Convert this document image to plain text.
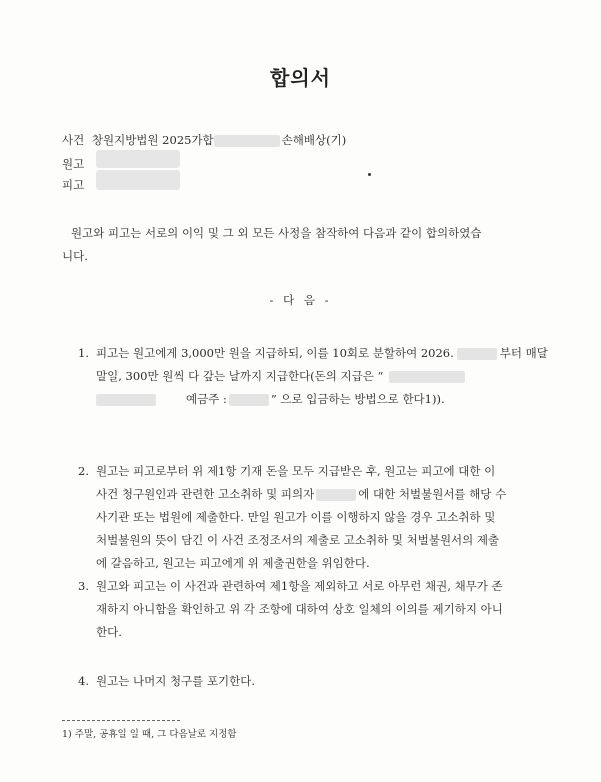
합의서
사건 창원지방법원 2025가합	손해배상(기)
원고
피고
원고와 피고는 서로의 이익 및 그 외 모든 사정을 참작하여 다음과 같이 합의하였습
니다.
- 다 음 -
1. 피고는 원고에게 3,000만 원을 지급하되, 이를 10회로 분할하여 2026.	부터 매달
말일, 300만 원씩 다 갚는 날까지 지급한다(돈의 지급은 “
예금주 :	” 으로 입금하는 방법으로 한다1)).
2. 원고는 피고로부터 위 제1항 기재 돈을 모두 지급받은 후, 원고는 피고에 대한 이
사건 청구원인과 관련한 고소취하 및 피의자	에 대한 처벌불원서를 해당 수
사기관 또는 법원에 제출한다. 만일 원고가 이를 이행하지 않을 경우 고소취하 및
처벌불원의 뜻이 담긴 이 사건 조정조서의 제출로 고소취하 및 처벌불원서의 제출
에 갈음하고, 원고는 피고에게 위 제출권한을 위임한다.
3. 원고와 피고는 이 사건과 관련하여 제1항을 제외하고 서로 아무런 채권, 채무가 존
재하지 아니함을 확인하고 위 각 조항에 대하여 상호 일체의 이의를 제기하지 아니
한다.
4. 원고는 나머지 청구를 포기한다.
1) 주말, 공휴일 일 때, 그 다음날로 지정함
